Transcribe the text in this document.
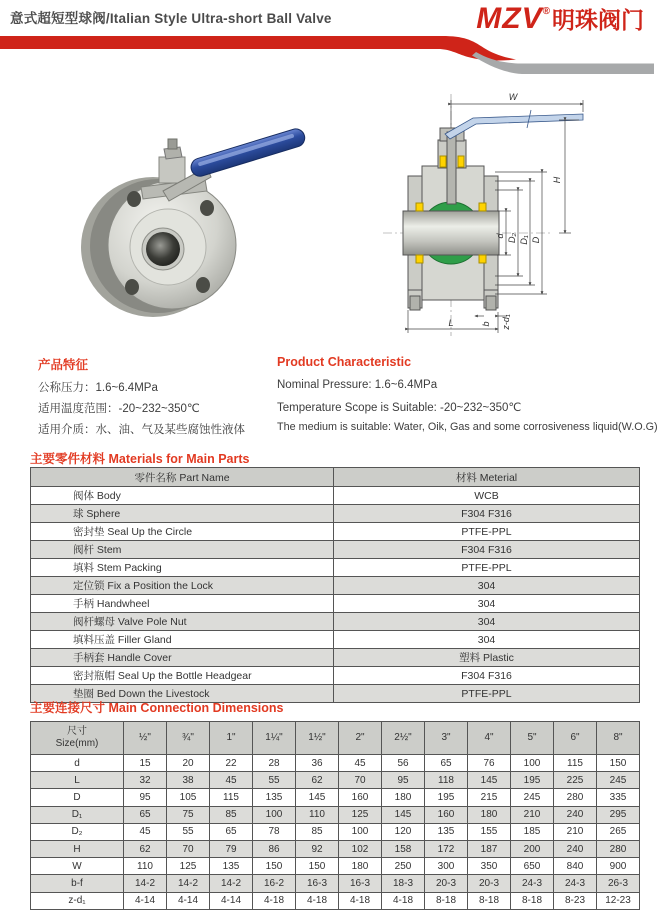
意式超短型球阀/Italian Style Ultra-short Ball Valve	MZV®明珠阀门
W
H
d D₂ D₁ D
L	b z-d₁
产品特征
公称压力：1.6~6.4MPa
适用温度范围：-20~232~350℃
适用介质：水、油、气及某些腐蚀性液体
Product Characteristic
Nominal Pressure: 1.6~6.4MPa
Temperature Scope is Suitable: -20~232~350℃
The medium is suitable: Water, Oik, Gas and some corrosiveness liquid(W.O.G)
主要零件材料 Materials for Main Parts
零件名称 Part Name	材料 Meterial
阀体 Body	WCB
球 Sphere	F304 F316
密封垫 Seal Up the Circle	PTFE-PPL
阀杆 Stem	F304 F316
填料 Stem Packing	PTFE-PPL
定位锁 Fix a Position the Lock	304
手柄 Handwheel	304
阀杆螺母 Valve Pole Nut	304
填料压盖 Filler Gland	304
手柄套 Handle Cover	塑料 Plastic
密封瓶帽 Seal Up the Bottle Headgear	F304 F316
垫圈 Bed Down the Livestock	PTFE-PPL
主要连接尺寸 Main Connection Dimensions
尺寸
Size(mm)	½"	¾"	1"	1¼"	1½"	2"	2½"	3"	4"	5"	6"	8"
d	15	20	22	28	36	45	56	65	76	100	115	150
L	32	38	45	55	62	70	95	118	145	195	225	245
D	95	105	115	135	145	160	180	195	215	245	280	335
D₁	65	75	85	100	110	125	145	160	180	210	240	295
D₂	45	55	65	78	85	100	120	135	155	185	210	265
H	62	70	79	86	92	102	158	172	187	200	240	280
W	110	125	135	150	150	180	250	300	350	650	840	900
b-f	14-2	14-2	14-2	16-2	16-3	16-3	18-3	20-3	20-3	24-3	24-3	26-3
z-d₁	4-14	4-14	4-14	4-18	4-18	4-18	4-18	8-18	8-18	8-18	8-23	12-23
